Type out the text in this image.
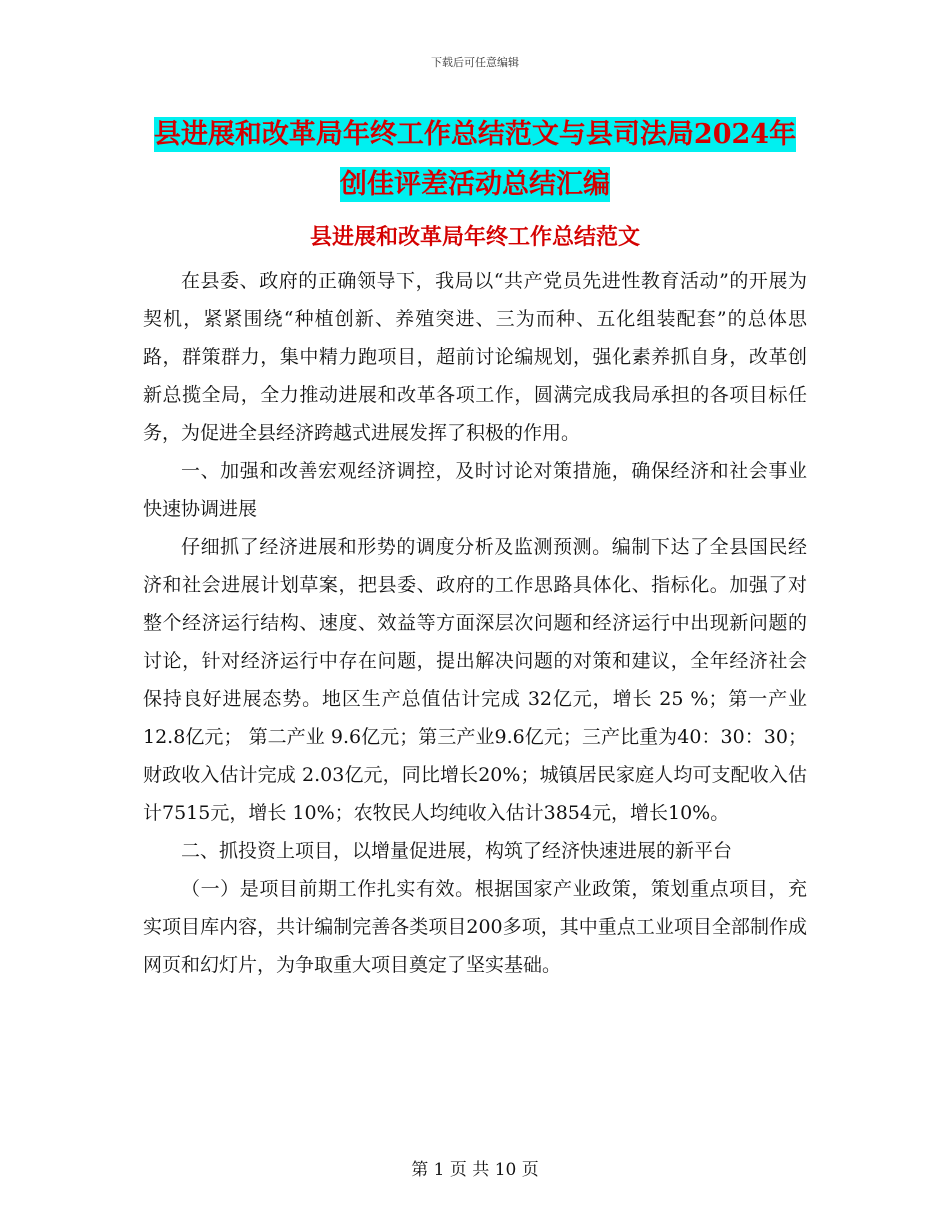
下载后可任意编辑
县进展和改革局年终工作总结范文与县司法局2024年
创佳评差活动总结汇编
县进展和改革局年终工作总结范文

在县委、政府的正确领导下，我局以“共产党员先进性教育活动”的开展为契机，紧紧围绕“种植创新、养殖突进、三为而种、五化组装配套”的总体思路，群策群力，集中精力跑项目，超前讨论编规划，强化素养抓自身，改革创新总揽全局，全力推动进展和改革各项工作，圆满完成我局承担的各项目标任务，为促进全县经济跨越式进展发挥了积极的作用。

一、加强和改善宏观经济调控，及时讨论对策措施，确保经济和社会事业快速协调进展

仔细抓了经济进展和形势的调度分析及监测预测。编制下达了全县国民经济和社会进展计划草案，把县委、政府的工作思路具体化、指标化。加强了对整个经济运行结构、速度、效益等方面深层次问题和经济运行中出现新问题的讨论，针对经济运行中存在问题，提出解决问题的对策和建议，全年经济社会保持良好进展态势。地区生产总值估计完成 32亿元，增长 25 %；第一产业 12.8亿元； 第二产业 9.6亿元；第三产业9.6亿元；三产比重为40：30：30；财政收入估计完成 2.03亿元，同比增长20%；城镇居民家庭人均可支配收入估计7515元，增长 10%；农牧民人均纯收入估计3854元，增长10%。

二、抓投资上项目，以增量促进展，构筑了经济快速进展的新平台

（一）是项目前期工作扎实有效。根据国家产业政策，策划重点项目，充实项目库内容，共计编制完善各类项目200多项，其中重点工业项目全部制作成网页和幻灯片，为争取重大项目奠定了坚实基础。

第 1 页 共 10 页
